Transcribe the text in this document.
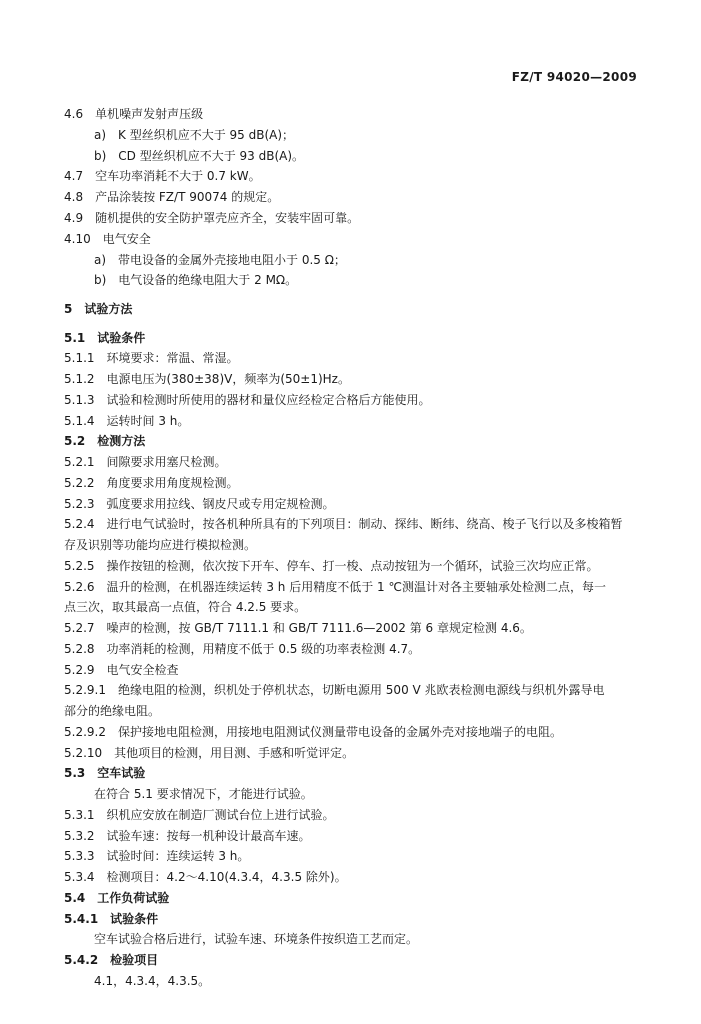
FZ/T 94020—2009
4.6　单机噪声发射声压级
a)　K 型丝织机应不大于 95 dB(A)；
b)　CD 型丝织机应不大于 93 dB(A)。
4.7　空车功率消耗不大于 0.7 kW。
4.8　产品涂装按 FZ/T 90074 的规定。
4.9　随机提供的安全防护罩壳应齐全，安装牢固可靠。
4.10　电气安全
a)　带电设备的金属外壳接地电阻小于 0.5 Ω；
b)　电气设备的绝缘电阻大于 2 MΩ。
5　试验方法
5.1　试验条件
5.1.1　环境要求：常温、常湿。
5.1.2　电源电压为(380±38)V，频率为(50±1)Hz。
5.1.3　试验和检测时所使用的器材和量仪应经检定合格后方能使用。
5.1.4　运转时间 3 h。
5.2　检测方法
5.2.1　间隙要求用塞尺检测。
5.2.2　角度要求用角度规检测。
5.2.3　弧度要求用拉线、钢皮尺或专用定规检测。
5.2.4　进行电气试验时，按各机种所具有的下列项目：制动、探纬、断纬、绕高、梭子飞行以及多梭箱暂
存及识别等功能均应进行模拟检测。
5.2.5　操作按钮的检测，依次按下开车、停车、打一梭、点动按钮为一个循环，试验三次均应正常。
5.2.6　温升的检测，在机器连续运转 3 h 后用精度不低于 1 ℃测温计对各主要轴承处检测二点，每一
点三次，取其最高一点值，符合 4.2.5 要求。
5.2.7　噪声的检测，按 GB/T 7111.1 和 GB/T 7111.6—2002 第 6 章规定检测 4.6。
5.2.8　功率消耗的检测，用精度不低于 0.5 级的功率表检测 4.7。
5.2.9　电气安全检查
5.2.9.1　绝缘电阻的检测，织机处于停机状态，切断电源用 500 V 兆欧表检测电源线与织机外露导电
部分的绝缘电阻。
5.2.9.2　保护接地电阻检测，用接地电阻测试仪测量带电设备的金属外壳对接地端子的电阻。
5.2.10　其他项目的检测，用目测、手感和听觉评定。
5.3　空车试验
在符合 5.1 要求情况下，才能进行试验。
5.3.1　织机应安放在制造厂测试台位上进行试验。
5.3.2　试验车速：按每一机种设计最高车速。
5.3.3　试验时间：连续运转 3 h。
5.3.4　检测项目：4.2～4.10(4.3.4，4.3.5 除外)。
5.4　工作负荷试验
5.4.1　试验条件
空车试验合格后进行，试验车速、环境条件按织造工艺而定。
5.4.2　检验项目
4.1，4.3.4，4.3.5。
